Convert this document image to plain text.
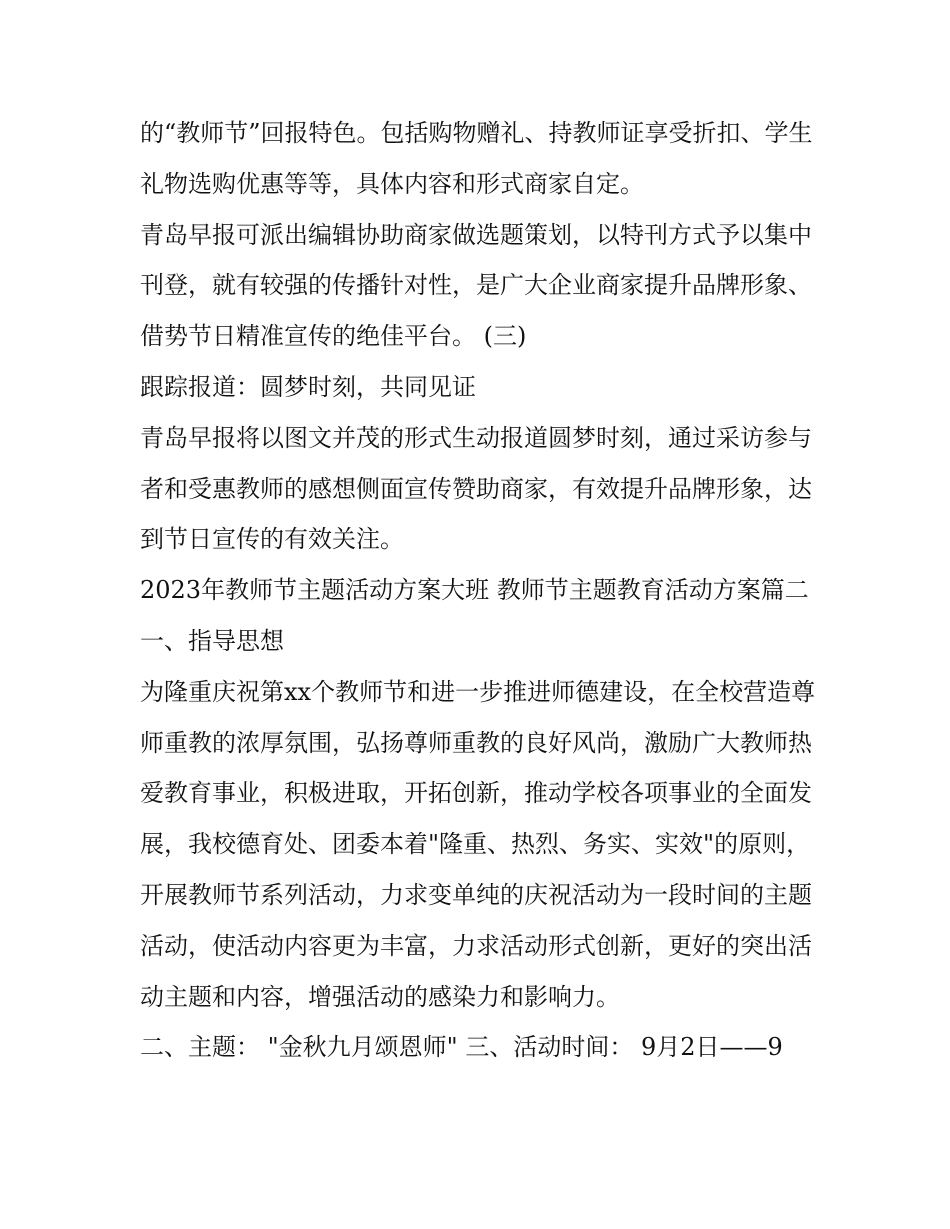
的“教师节”回报特色。包括购物赠礼、持教师证享受折扣、学生礼物选购优惠等等，具体内容和形式商家自定。

青岛早报可派出编辑协助商家做选题策划，以特刊方式予以集中刊登，就有较强的传播针对性，是广大企业商家提升品牌形象、借势节日精准宣传的绝佳平台。 (三)

跟踪报道：圆梦时刻，共同见证

青岛早报将以图文并茂的形式生动报道圆梦时刻，通过采访参与者和受惠教师的感想侧面宣传赞助商家，有效提升品牌形象，达到节日宣传的有效关注。

2023年教师节主题活动方案大班 教师节主题教育活动方案篇二 一、指导思想

为隆重庆祝第xx个教师节和进一步推进师德建设，在全校营造尊师重教的浓厚氛围，弘扬尊师重教的良好风尚，激励广大教师热爱教育事业，积极进取，开拓创新，推动学校各项事业的全面发展，我校德育处、团委本着"隆重、热烈、务实、实效"的原则，开展教师节系列活动，力求变单纯的庆祝活动为一段时间的主题活动，使活动内容更为丰富，力求活动形式创新，更好的突出活动主题和内容，增强活动的感染力和影响力。

二、主题： "金秋九月颂恩师" 三、活动时间： 9月2日——9
